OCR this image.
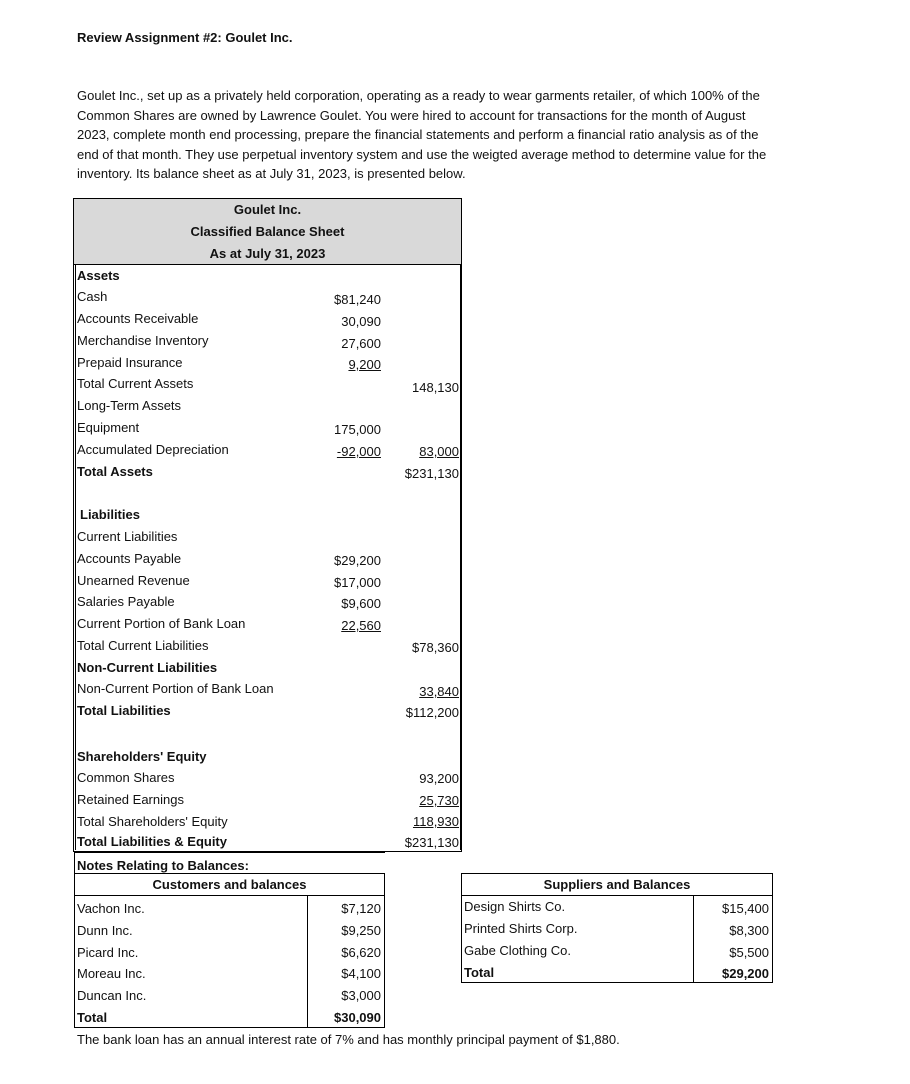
Review Assignment #2: Goulet Inc.
Goulet Inc., set up as a privately held corporation, operating as a ready to wear garments retailer, of which 100% of the Common Shares are owned by Lawrence Goulet. You were hired to account for transactions for the month of August 2023, complete month end processing, prepare the financial statements and perform a financial ratio analysis as of the end of that month. They use perpetual inventory system and use the weigted average method to determine value for the inventory. Its balance sheet as at July 31, 2023, is presented below.
Goulet Inc.
Classified Balance Sheet
As at July 31, 2023
Assets
Cash	$81,240
Accounts Receivable	30,090
Merchandise Inventory	27,600
Prepaid Insurance	9,200
Total Current Assets	148,130
Long-Term Assets
Equipment	175,000
Accumulated Depreciation	-92,000	83,000
Total Assets	$231,130
Liabilities
Current Liabilities
Accounts Payable	$29,200
Unearned Revenue	$17,000
Salaries Payable	$9,600
Current Portion of Bank Loan	22,560
Total Current Liabilities	$78,360
Non-Current Liabilities
Non-Current Portion of Bank Loan	33,840
Total Liabilities	$112,200
Shareholders' Equity
Common Shares	93,200
Retained Earnings	25,730
Total Shareholders' Equity	118,930
Total Liabilities & Equity	$231,130
Notes Relating to Balances:
Customers and balances
Vachon Inc.	$7,120
Dunn Inc.	$9,250
Picard Inc.	$6,620
Moreau Inc.	$4,100
Duncan Inc.	$3,000
Total	$30,090
Suppliers and Balances
Design Shirts Co.	$15,400
Printed Shirts Corp.	$8,300
Gabe Clothing Co.	$5,500
Total	$29,200
The bank loan has an annual interest rate of 7% and has monthly principal payment of $1,880.
